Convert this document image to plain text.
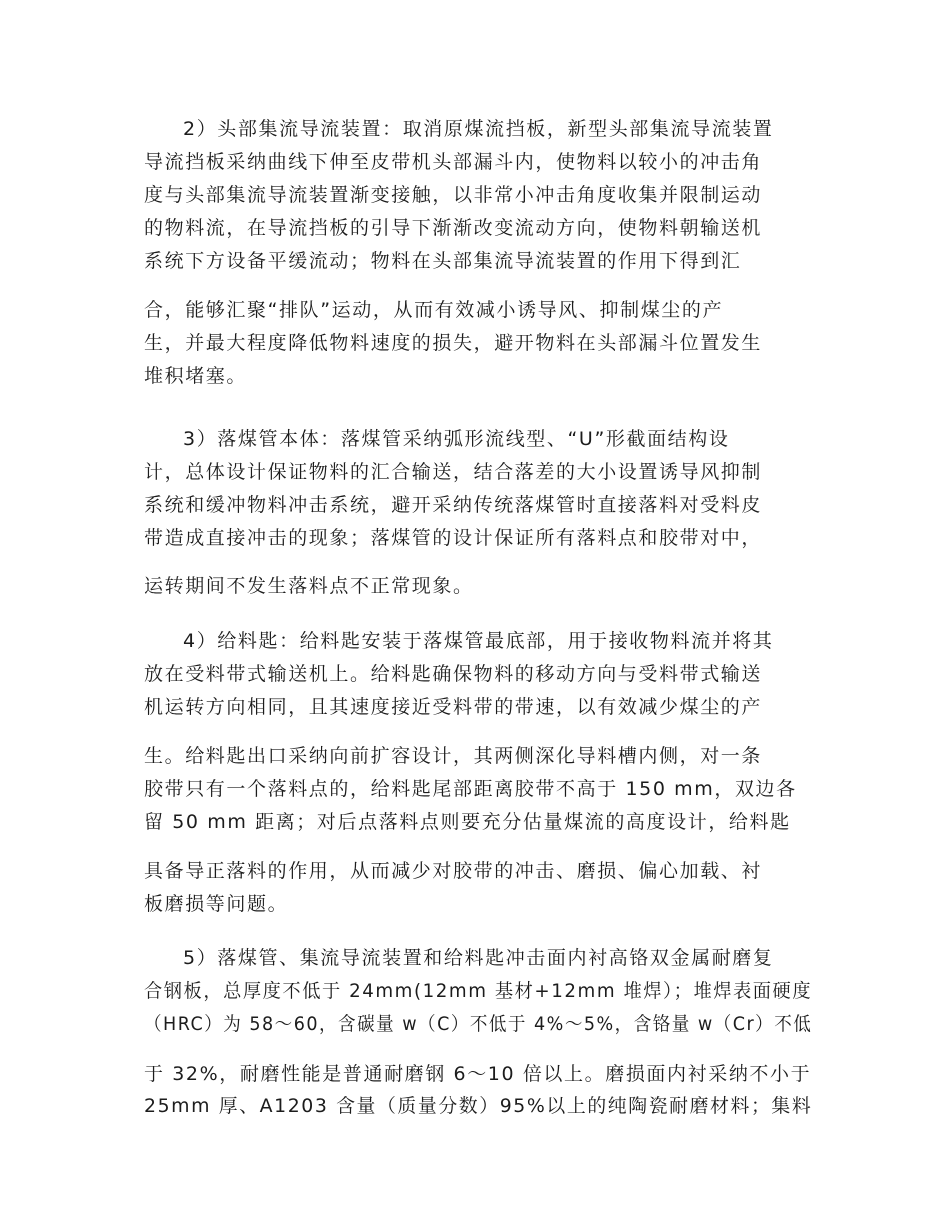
2）头部集流导流装置：取消原煤流挡板，新型头部集流导流装置
导流挡板采纳曲线下伸至皮带机头部漏斗内，使物料以较小的冲击角
度与头部集流导流装置渐变接触，以非常小冲击角度收集并限制运动
的物料流，在导流挡板的引导下渐渐改变流动方向，使物料朝输送机
系统下方设备平缓流动；物料在头部集流导流装置的作用下得到汇
合，能够汇聚“排队”运动，从而有效减小诱导风、抑制煤尘的产
生，并最大程度降低物料速度的损失，避开物料在头部漏斗位置发生
堆积堵塞。
3）落煤管本体：落煤管采纳弧形流线型、“U”形截面结构设
计，总体设计保证物料的汇合输送，结合落差的大小设置诱导风抑制
系统和缓冲物料冲击系统，避开采纳传统落煤管时直接落料对受料皮
带造成直接冲击的现象；落煤管的设计保证所有落料点和胶带对中，
运转期间不发生落料点不正常现象。
4）给料匙：给料匙安装于落煤管最底部，用于接收物料流并将其
放在受料带式输送机上。给料匙确保物料的移动方向与受料带式输送
机运转方向相同，且其速度接近受料带的带速，以有效减少煤尘的产
生。给料匙出口采纳向前扩容设计，其两侧深化导料槽内侧，对一条
胶带只有一个落料点的，给料匙尾部距离胶带不高于 150 mm，双边各
留 50 mm 距离；对后点落料点则要充分估量煤流的高度设计，给料匙
具备导正落料的作用，从而减少对胶带的冲击、磨损、偏心加载、衬
板磨损等问题。
5）落煤管、集流导流装置和给料匙冲击面内衬高铬双金属耐磨复
合钢板，总厚度不低于 24mm(12mm 基材+12mm 堆焊）；堆焊表面硬度
（HRC）为 58～60，含碳量 w（C）不低于 4%～5%，含铬量 w（Cr）不低
于 32%，耐磨性能是普通耐磨钢 6～10 倍以上。磨损面内衬采纳不小于
25mm 厚、A1203 含量（质量分数）95%以上的纯陶瓷耐磨材料；集料
